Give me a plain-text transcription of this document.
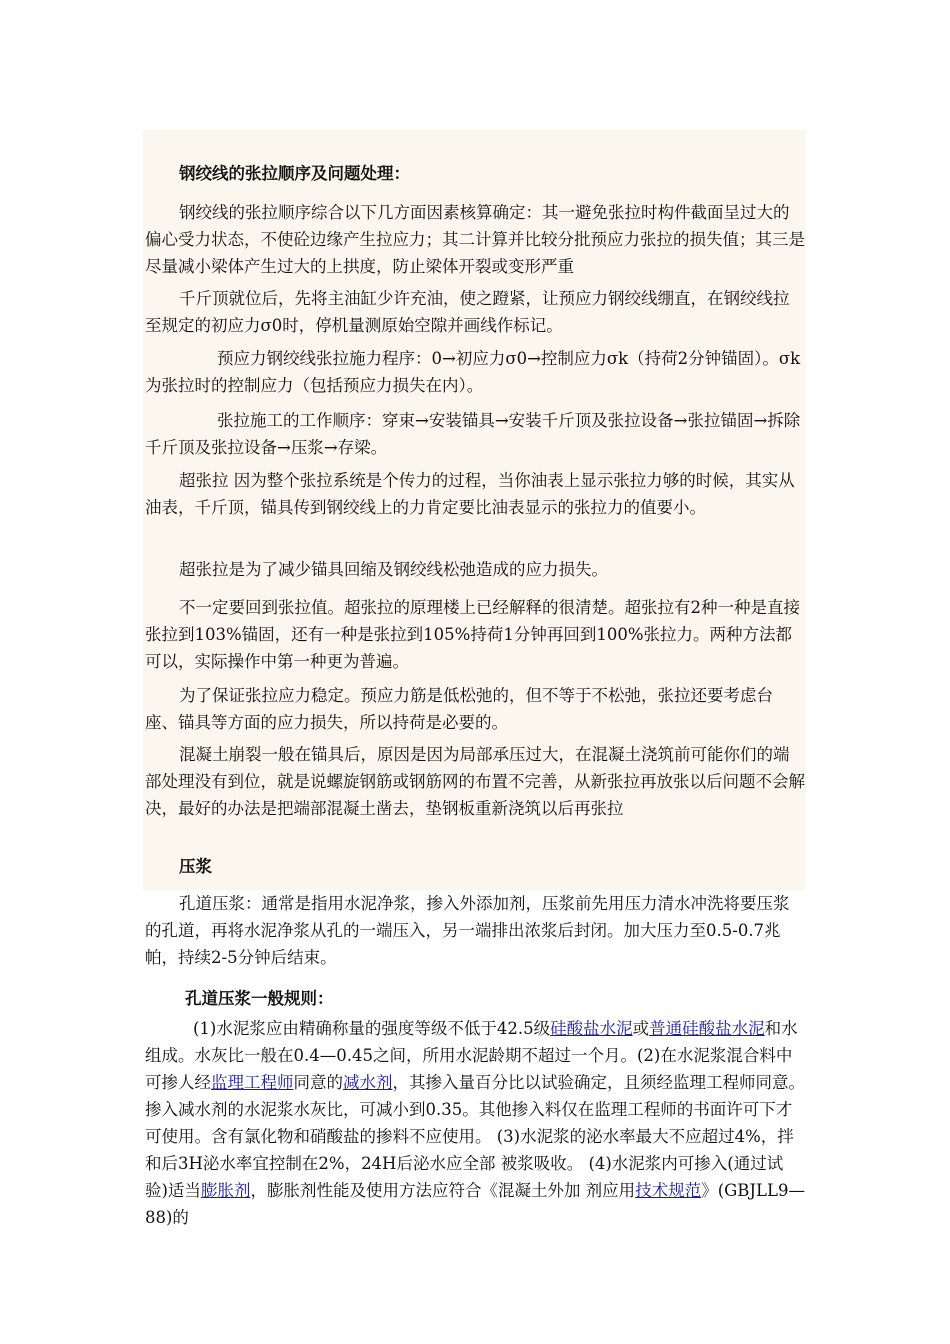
钢绞线的张拉顺序及问题处理：

钢绞线的张拉顺序综合以下几方面因素核算确定：其一避免张拉时构件截面呈过大的偏心受力状态，不使砼边缘产生拉应力；其二计算并比较分批预应力张拉的损失值；其三是尽量减小梁体产生过大的上拱度，防止梁体开裂或变形严重

千斤顶就位后，先将主油缸少许充油，使之蹬紧，让预应力钢绞线绷直，在钢绞线拉至规定的初应力σ0时，停机量测原始空隙并画线作标记。

预应力钢绞线张拉施力程序：0→初应力σ0→控制应力σk（持荷2分钟锚固）。σk为张拉时的控制应力（包括预应力损失在内）。

张拉施工的工作顺序：穿束→安装锚具→安装千斤顶及张拉设备→张拉锚固→拆除千斤顶及张拉设备→压浆→存梁。

超张拉 因为整个张拉系统是个传力的过程，当你油表上显示张拉力够的时候，其实从油表，千斤顶，锚具传到钢绞线上的力肯定要比油表显示的张拉力的值要小。

超张拉是为了减少锚具回缩及钢绞线松弛造成的应力损失。

不一定要回到张拉值。超张拉的原理楼上已经解释的很清楚。超张拉有2种一种是直接张拉到103%锚固，还有一种是张拉到105%持荷1分钟再回到100%张拉力。两种方法都可以，实际操作中第一种更为普遍。

为了保证张拉应力稳定。预应力筋是低松弛的，但不等于不松弛，张拉还要考虑台座、锚具等方面的应力损失，所以持荷是必要的。

混凝土崩裂一般在锚具后，原因是因为局部承压过大，在混凝土浇筑前可能你们的端部处理没有到位，就是说螺旋钢筋或钢筋网的布置不完善，从新张拉再放张以后问题不会解决，最好的办法是把端部混凝土凿去，垫钢板重新浇筑以后再张拉

压浆

孔道压浆：通常是指用水泥净浆，掺入外添加剂，压浆前先用压力清水冲洗将要压浆的孔道，再将水泥净浆从孔的一端压入，另一端排出浓浆后封闭。加大压力至0.5-0.7兆帕，持续2-5分钟后结束。

孔道压浆一般规则：

(1)水泥浆应由精确称量的强度等级不低于42.5级硅酸盐水泥或普通硅酸盐水泥和水组成。水灰比一般在0.4—0.45之间，所用水泥龄期不超过一个月。(2)在水泥浆混合料中可掺人经监理工程师同意的减水剂，其掺入量百分比以试验确定，且须经监理工程师同意。掺入减水剂的水泥浆水灰比，可减小到0.35。其他掺入料仅在监理工程师的书面许可下才可使用。含有氯化物和硝酸盐的掺料不应使用。 (3)水泥浆的泌水率最大不应超过4%，拌和后3H泌水率宜控制在2%，24H后泌水应全部 被浆吸收。 (4)水泥浆内可掺入(通过试验)适当膨胀剂，膨胀剂性能及使用方法应符合《混凝土外加 剂应用技术规范》(GBJLL9—88)的
